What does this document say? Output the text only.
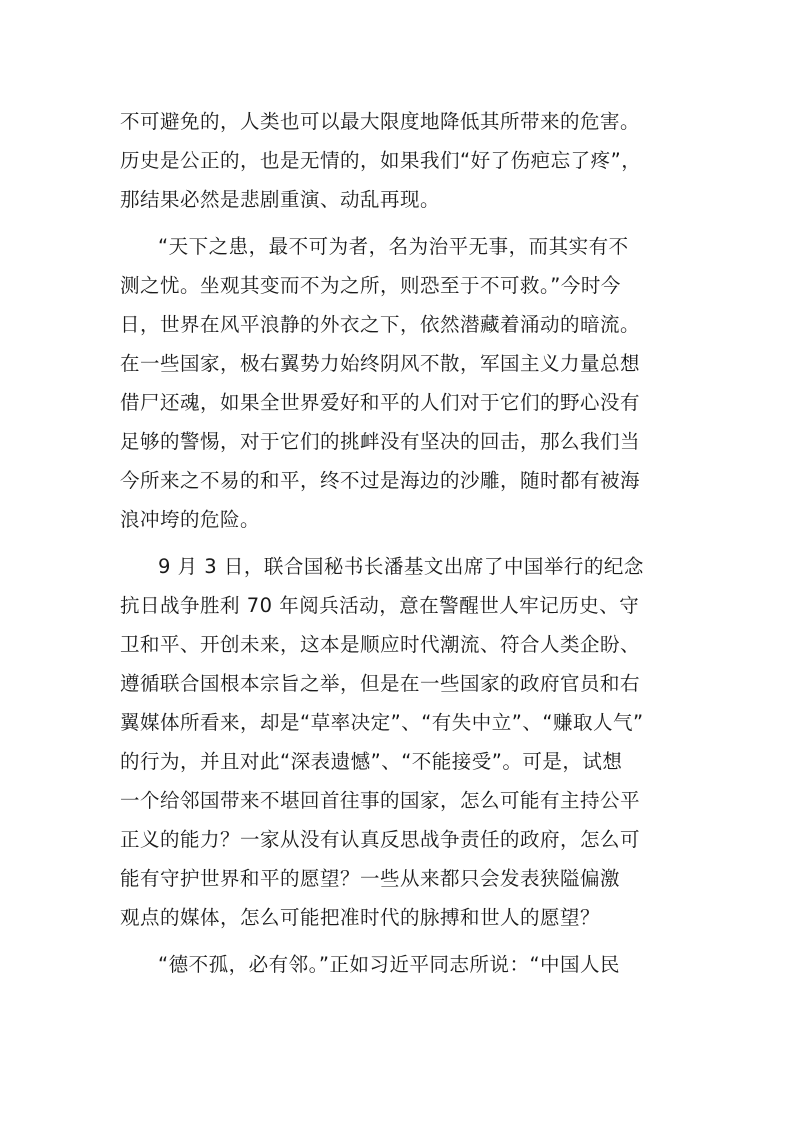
不可避免的，人类也可以最大限度地降低其所带来的危害。
历史是公正的，也是无情的，如果我们“好了伤疤忘了疼”，
那结果必然是悲剧重演、动乱再现。
“天下之患，最不可为者，名为治平无事，而其实有不
测之忧。坐观其变而不为之所，则恐至于不可救。”今时今
日，世界在风平浪静的外衣之下，依然潜藏着涌动的暗流。
在一些国家，极右翼势力始终阴风不散，军国主义力量总想
借尸还魂，如果全世界爱好和平的人们对于它们的野心没有
足够的警惕，对于它们的挑衅没有坚决的回击，那么我们当
今所来之不易的和平，终不过是海边的沙雕，随时都有被海
浪冲垮的危险。
9 月 3 日，联合国秘书长潘基文出席了中国举行的纪念
抗日战争胜利 70 年阅兵活动，意在警醒世人牢记历史、守
卫和平、开创未来，这本是顺应时代潮流、符合人类企盼、
遵循联合国根本宗旨之举，但是在一些国家的政府官员和右
翼媒体所看来，却是“草率决定”、“有失中立”、“赚取人气”
的行为，并且对此“深表遗憾”、“不能接受”。可是，试想
一个给邻国带来不堪回首往事的国家，怎么可能有主持公平
正义的能力？一家从没有认真反思战争责任的政府，怎么可
能有守护世界和平的愿望？一些从来都只会发表狭隘偏激
观点的媒体，怎么可能把准时代的脉搏和世人的愿望？
“德不孤，必有邻。”正如习近平同志所说：“中国人民
